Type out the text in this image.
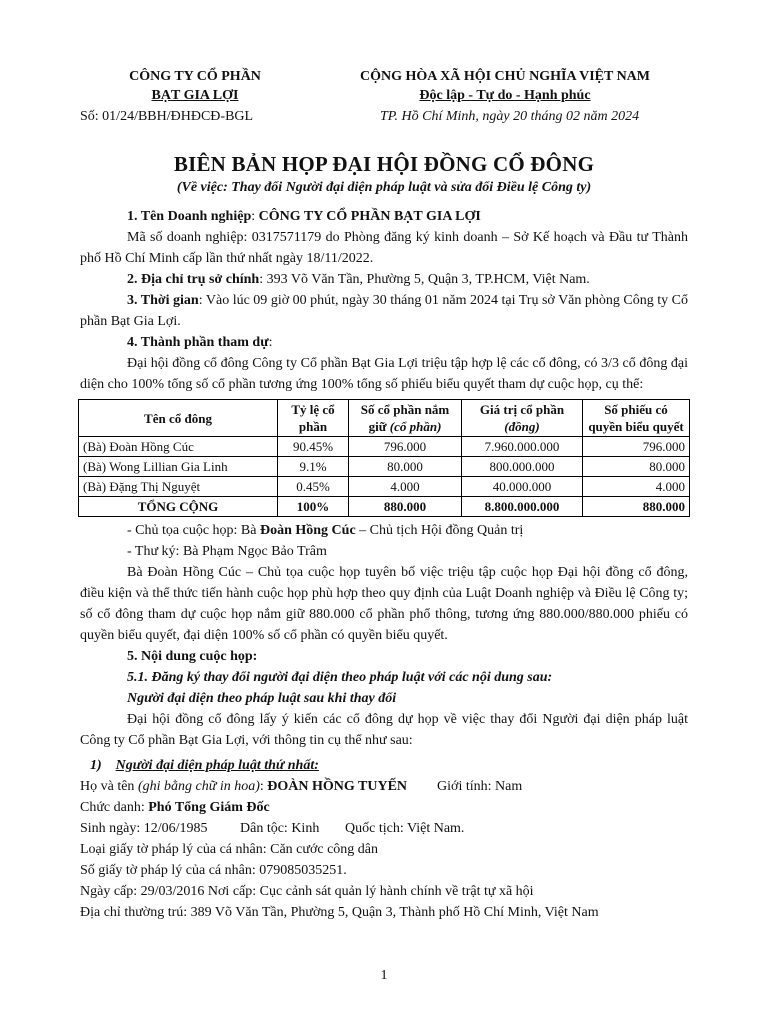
CÔNG TY CỔ PHẦN
BẠT GIA LỢI
CỘNG HÒA XÃ HỘI CHỦ NGHĨA VIỆT NAM
Độc lập - Tự do - Hạnh phúc
Số: 01/24/BBH/ĐHĐCĐ-BGL	TP. Hồ Chí Minh, ngày 20 tháng 02 năm 2024
BIÊN BẢN HỌP ĐẠI HỘI ĐỒNG CỔ ĐÔNG
(Về việc: Thay đổi Người đại diện pháp luật và sửa đổi Điều lệ Công ty)

1. Tên Doanh nghiệp: CÔNG TY CỔ PHẦN BẠT GIA LỢI

Mã số doanh nghiệp: 0317571179 do Phòng đăng ký kinh doanh – Sở Kế hoạch và Đầu tư Thành phố Hồ Chí Minh cấp lần thứ nhất ngày 18/11/2022.

2. Địa chỉ trụ sở chính: 393 Võ Văn Tần, Phường 5, Quận 3, TP.HCM, Việt Nam.

3. Thời gian: Vào lúc 09 giờ 00 phút, ngày 30 tháng 01 năm 2024 tại Trụ sở Văn phòng Công ty Cổ phần Bạt Gia Lợi.

4. Thành phần tham dự:

Đại hội đồng cổ đông Công ty Cổ phần Bạt Gia Lợi triệu tập hợp lệ các cổ đông, có 3/3 cổ đông đại diện cho 100% tổng số cổ phần tương ứng 100% tổng số phiếu biểu quyết tham dự cuộc họp, cụ thể:

Tên cổ đông	Tỷ lệ cổ phần	Số cổ phần nắm giữ (cổ phần)	Giá trị cổ phần (đồng)	Số phiếu có quyền biểu quyết
(Bà) Đoàn Hồng Cúc	90.45%	796.000	7.960.000.000	796.000
(Bà) Wong Lillian Gia Linh	9.1%	80.000	800.000.000	80.000
(Bà) Đặng Thị Nguyệt	0.45%	4.000	40.000.000	4.000
TỔNG CỘNG	100%	880.000	8.800.000.000	880.000

- Chủ tọa cuộc họp: Bà Đoàn Hồng Cúc – Chủ tịch Hội đồng Quản trị

- Thư ký: Bà Phạm Ngọc Bảo Trâm

Bà Đoàn Hồng Cúc – Chủ tọa cuộc họp tuyên bố việc triệu tập cuộc họp Đại hội đồng cổ đông, điều kiện và thể thức tiến hành cuộc họp phù hợp theo quy định của Luật Doanh nghiệp và Điều lệ Công ty; số cổ đông tham dự cuộc họp nắm giữ 880.000 cổ phần phổ thông, tương ứng 880.000/880.000 phiếu có quyền biểu quyết, đại diện 100% số cổ phần có quyền biểu quyết.

5. Nội dung cuộc họp:

5.1. Đăng ký thay đổi người đại diện theo pháp luật với các nội dung sau:

Người đại diện theo pháp luật sau khi thay đổi

Đại hội đồng cổ đông lấy ý kiến các cổ đông dự họp về việc thay đổi Người đại diện pháp luật Công ty Cổ phần Bạt Gia Lợi, với thông tin cụ thể như sau:

1) Người đại diện pháp luật thứ nhất:

Họ và tên (ghi bằng chữ in hoa): ĐOÀN HỒNG TUYẾN Giới tính: Nam

Chức danh: Phó Tổng Giám Đốc

Sinh ngày: 12/06/1985 Dân tộc: Kinh Quốc tịch: Việt Nam.

Loại giấy tờ pháp lý của cá nhân: Căn cước công dân

Số giấy tờ pháp lý của cá nhân: 079085035251.

Ngày cấp: 29/03/2016 Nơi cấp: Cục cảnh sát quản lý hành chính về trật tự xã hội

Địa chỉ thường trú: 389 Võ Văn Tần, Phường 5, Quận 3, Thành phố Hồ Chí Minh, Việt Nam

1
